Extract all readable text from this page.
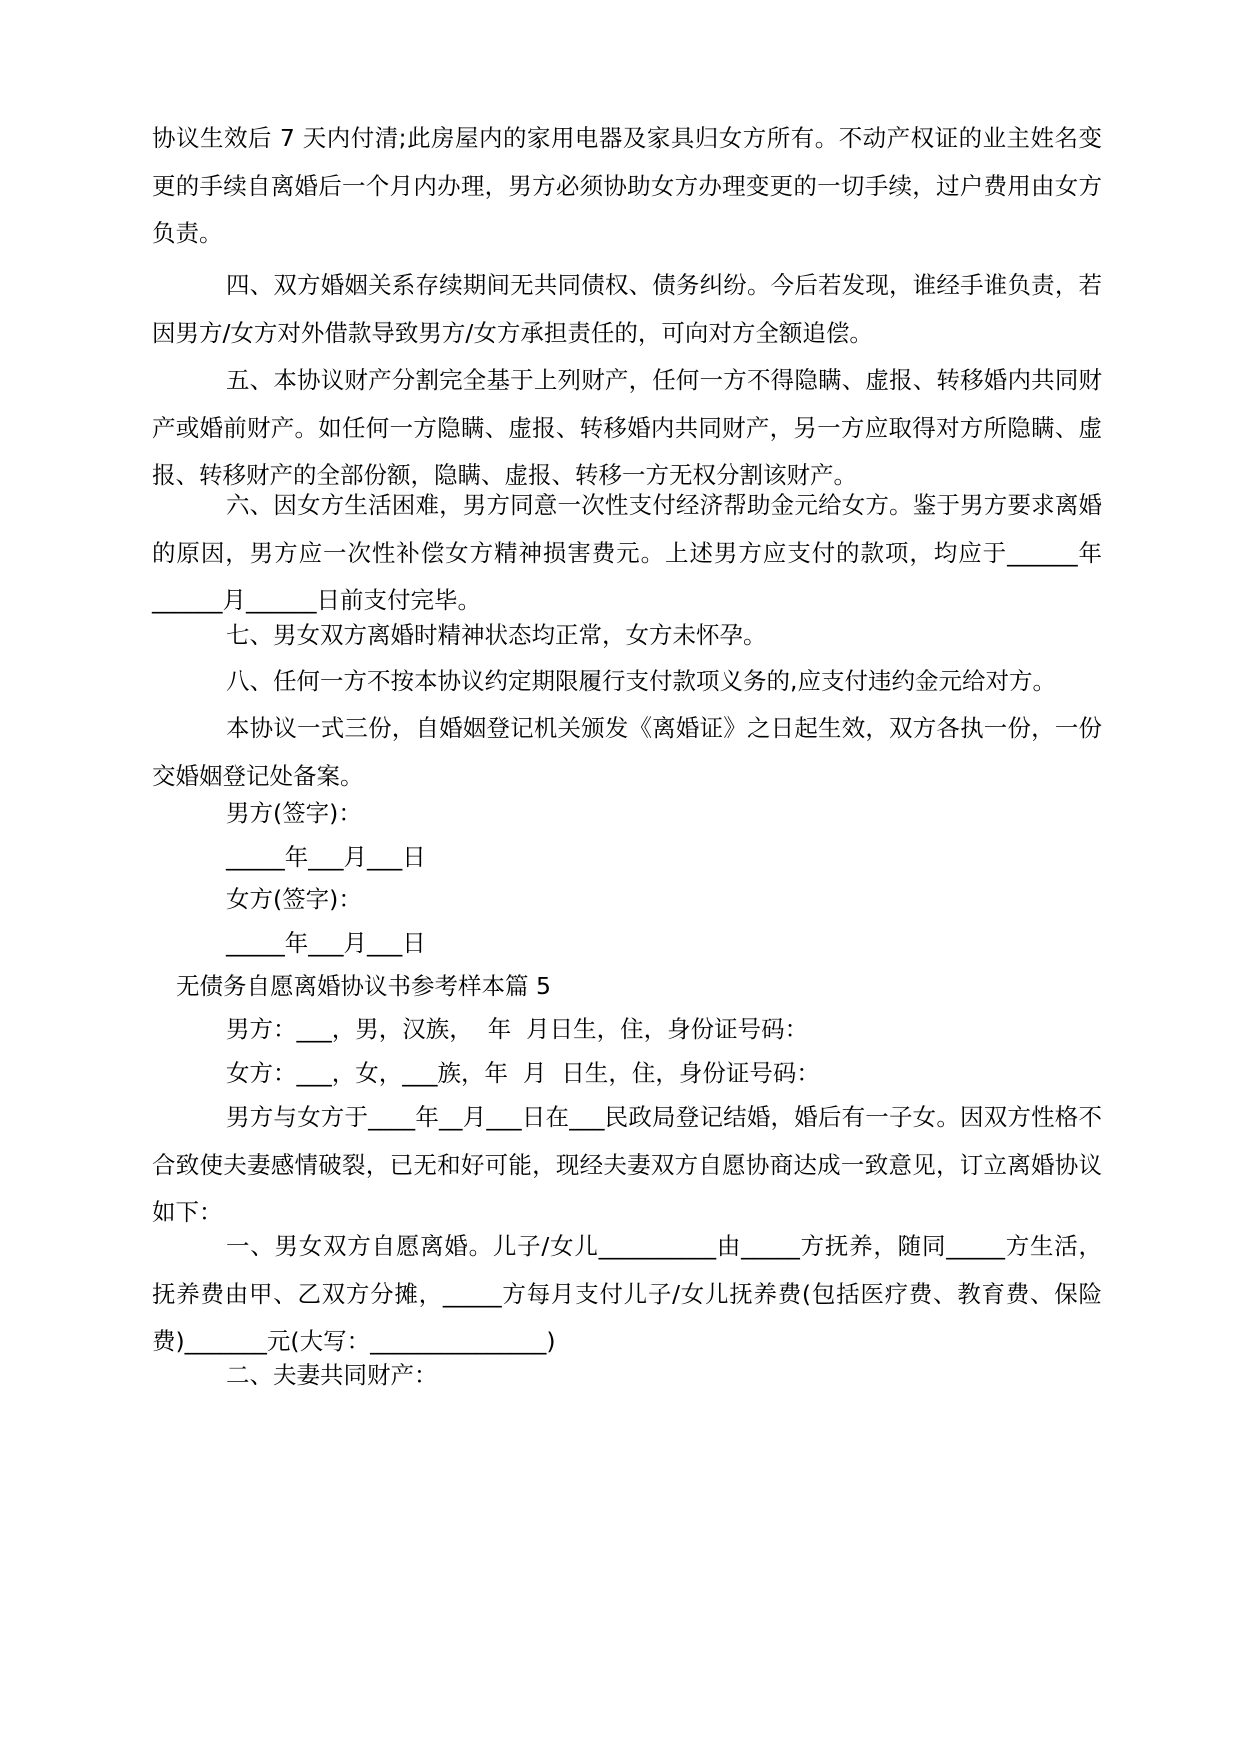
协议生效后 7 天内付清;此房屋内的家用电器及家具归女方所有。不动产权证的业主姓名变更的手续自离婚后一个月内办理，男方必须协助女方办理变更的一切手续，过户费用由女方负责。

四、双方婚姻关系存续期间无共同债权、债务纠纷。今后若发现，谁经手谁负责，若因男方/女方对外借款导致男方/女方承担责任的，可向对方全额追偿。

五、本协议财产分割完全基于上列财产，任何一方不得隐瞒、虚报、转移婚内共同财产或婚前财产。如任何一方隐瞒、虚报、转移婚内共同财产，另一方应取得对方所隐瞒、虚报、转移财产的全部份额，隐瞒、虚报、转移一方无权分割该财产。

六、因女方生活困难，男方同意一次性支付经济帮助金元给女方。鉴于男方要求离婚的原因，男方应一次性补偿女方精神损害费元。上述男方应支付的款项，均应于______年______月______日前支付完毕。

七、男女双方离婚时精神状态均正常，女方未怀孕。

八、任何一方不按本协议约定期限履行支付款项义务的,应支付违约金元给对方。

本协议一式三份，自婚姻登记机关颁发《离婚证》之日起生效，双方各执一份，一份交婚姻登记处备案。

男方(签字)：

_____年___月___日

女方(签字)：

_____年___月___日

无债务自愿离婚协议书参考样本篇 5

男方：___，男，汉族，  年  月日生，住，身份证号码：

女方：___，女，___族，年  月  日生，住，身份证号码：

男方与女方于____年__月___日在___民政局登记结婚，婚后有一子女。因双方性格不合致使夫妻感情破裂，已无和好可能，现经夫妻双方自愿协商达成一致意见，订立离婚协议如下：

一、男女双方自愿离婚。儿子/女儿__________由_____方抚养，随同_____方生活，抚养费由甲、乙双方分摊，_____方每月支付儿子/女儿抚养费(包括医疗费、教育费、保险费)_______元(大写：_______________)

二、夫妻共同财产：
